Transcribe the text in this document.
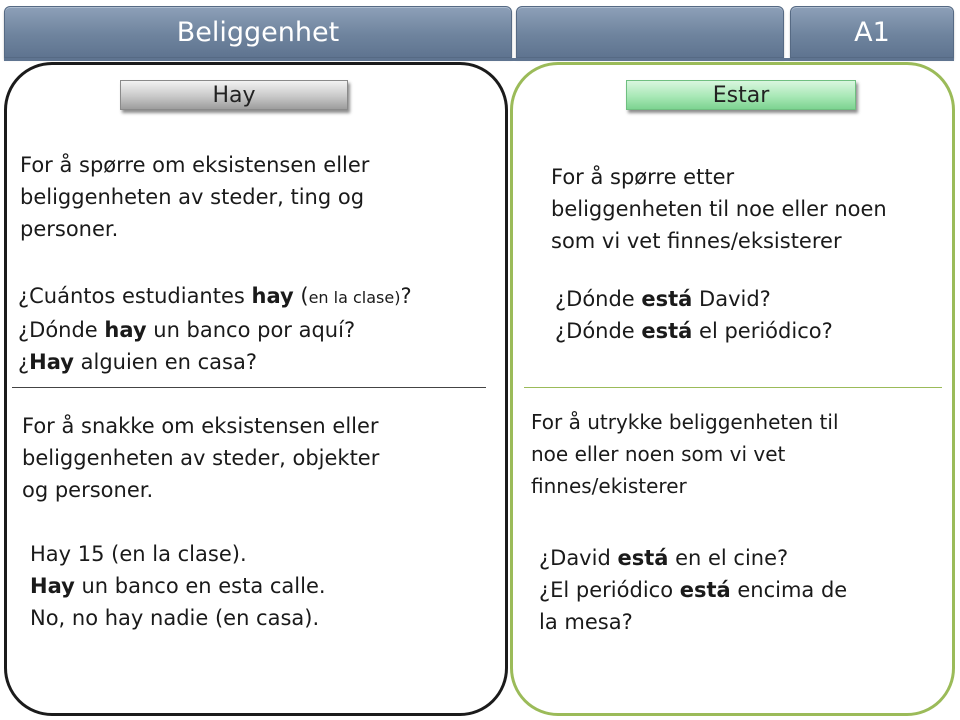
Beliggenhet	A1
Hay	Estar
For å spørre om eksistensen eller
beliggenheten av steder, ting og
personer.
¿Cuántos estudiantes hay (en la clase)?
¿Dónde hay un banco por aquí?
¿Hay alguien en casa?
For å snakke om eksistensen eller
beliggenheten av steder, objekter
og personer.
Hay 15 (en la clase).
Hay un banco en esta calle.
No, no hay nadie (en casa).
For å spørre etter
beliggenheten til noe eller noen
som vi vet finnes/eksisterer
¿Dónde está David?
¿Dónde está el periódico?
For å utrykke beliggenheten til
noe eller noen som vi vet
finnes/ekisterer
¿David está en el cine?
¿El periódico está encima de
la mesa?
